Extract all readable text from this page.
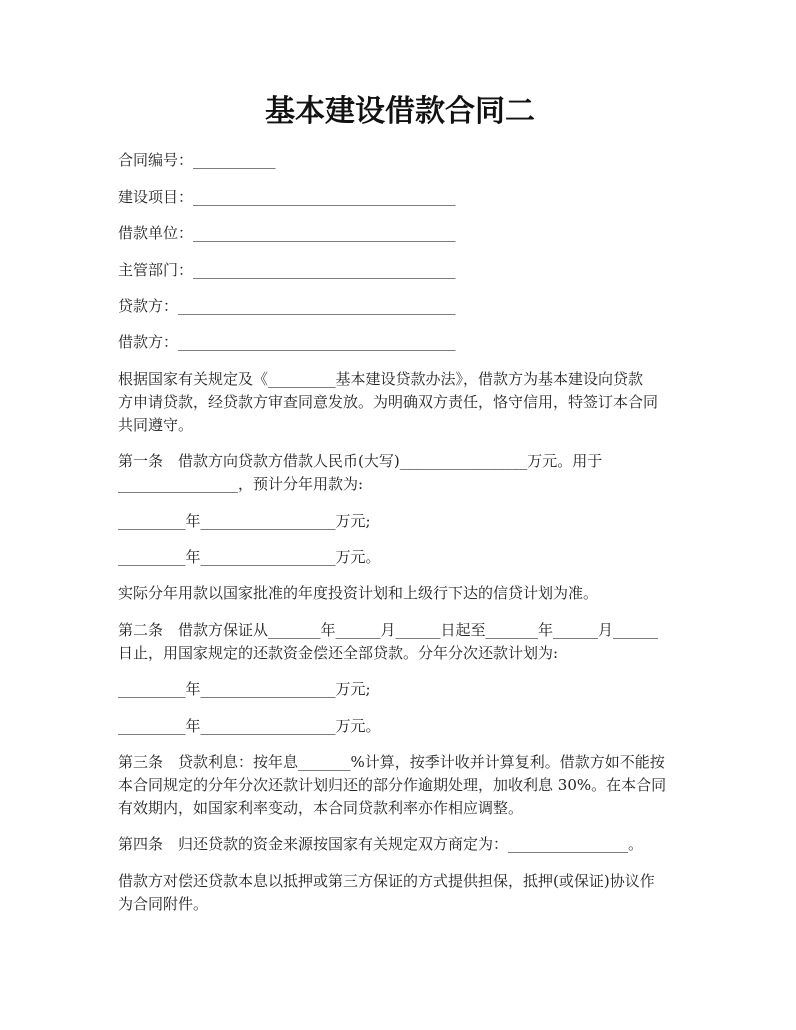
基本建设借款合同二
合同编号：___________
建设项目：___________________________________
借款单位：___________________________________
主管部门：___________________________________
贷款方：_____________________________________
借款方：_____________________________________
根据国家有关规定及《_________基本建设贷款办法》，借款方为基本建设向贷款
方申请贷款，经贷款方审查同意发放。为明确双方责任，恪守信用，特签订本合同
共同遵守。
第一条　借款方向贷款方借款人民币(大写)_________________万元。用于
________________，预计分年用款为:
_________年__________________万元;
_________年__________________万元。
实际分年用款以国家批准的年度投资计划和上级行下达的信贷计划为准。
第二条　借款方保证从_______年______月______日起至_______年______月______
日止，用国家规定的还款资金偿还全部贷款。分年分次还款计划为:
_________年__________________万元;
_________年__________________万元。
第三条　贷款利息：按年息_______%计算，按季计收并计算复利。借款方如不能按
本合同规定的分年分次还款计划归还的部分作逾期处理，加收利息 30%。在本合同
有效期内，如国家利率变动，本合同贷款利率亦作相应调整。
第四条　归还贷款的资金来源按国家有关规定双方商定为：________________。
借款方对偿还贷款本息以抵押或第三方保证的方式提供担保，抵押(或保证)协议作
为合同附件。
